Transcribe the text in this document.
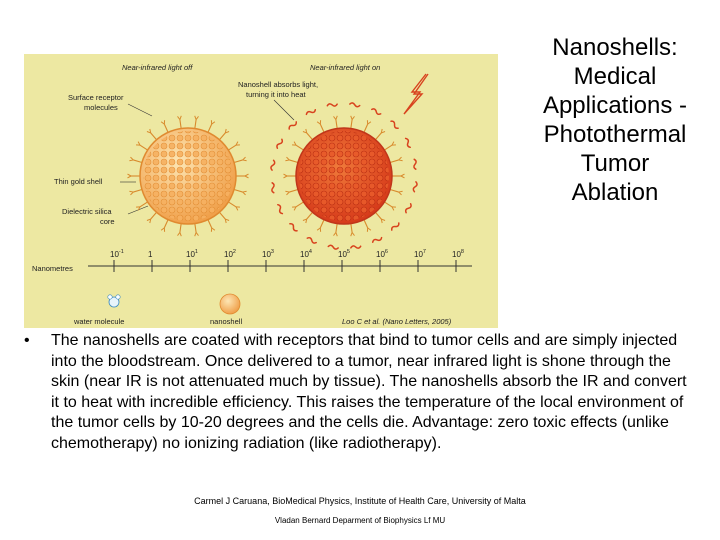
Near-infrared light off	Near-infrared light on
Nanoshell absorbs light,
turning it into heat
Surface receptor
molecules
Thin gold shell
Dielectric silica
core
Nanometres
$10^{-1}$	1	$10^1$	$10^2$	$10^3$	$10^4$	$10^5$	$10^6$	$10^7$	$10^8$
water molecule	nanoshell	Loo C et al. (Nano Letters, 2005)
Nanoshells:
Medical
Applications -
Photothermal
Tumor
Ablation
• The nanoshells are coated with receptors that bind to tumor cells and are simply injected into the bloodstream. Once delivered to a tumor, near infrared light is shone through the skin (near IR is not attenuated much by tissue). The nanoshells absorb the IR and convert it to heat with incredible efficiency. This raises the temperature of the local environment of the tumor cells by 10-20 degrees and the cells die. Advantage: zero toxic effects (unlike chemotherapy) no ionizing radiation (like radiotherapy).
Carmel J Caruana, BioMedical Physics, Institute of Health Care, University of Malta
Vladan Bernard Deparment of Biophysics Lf MU
